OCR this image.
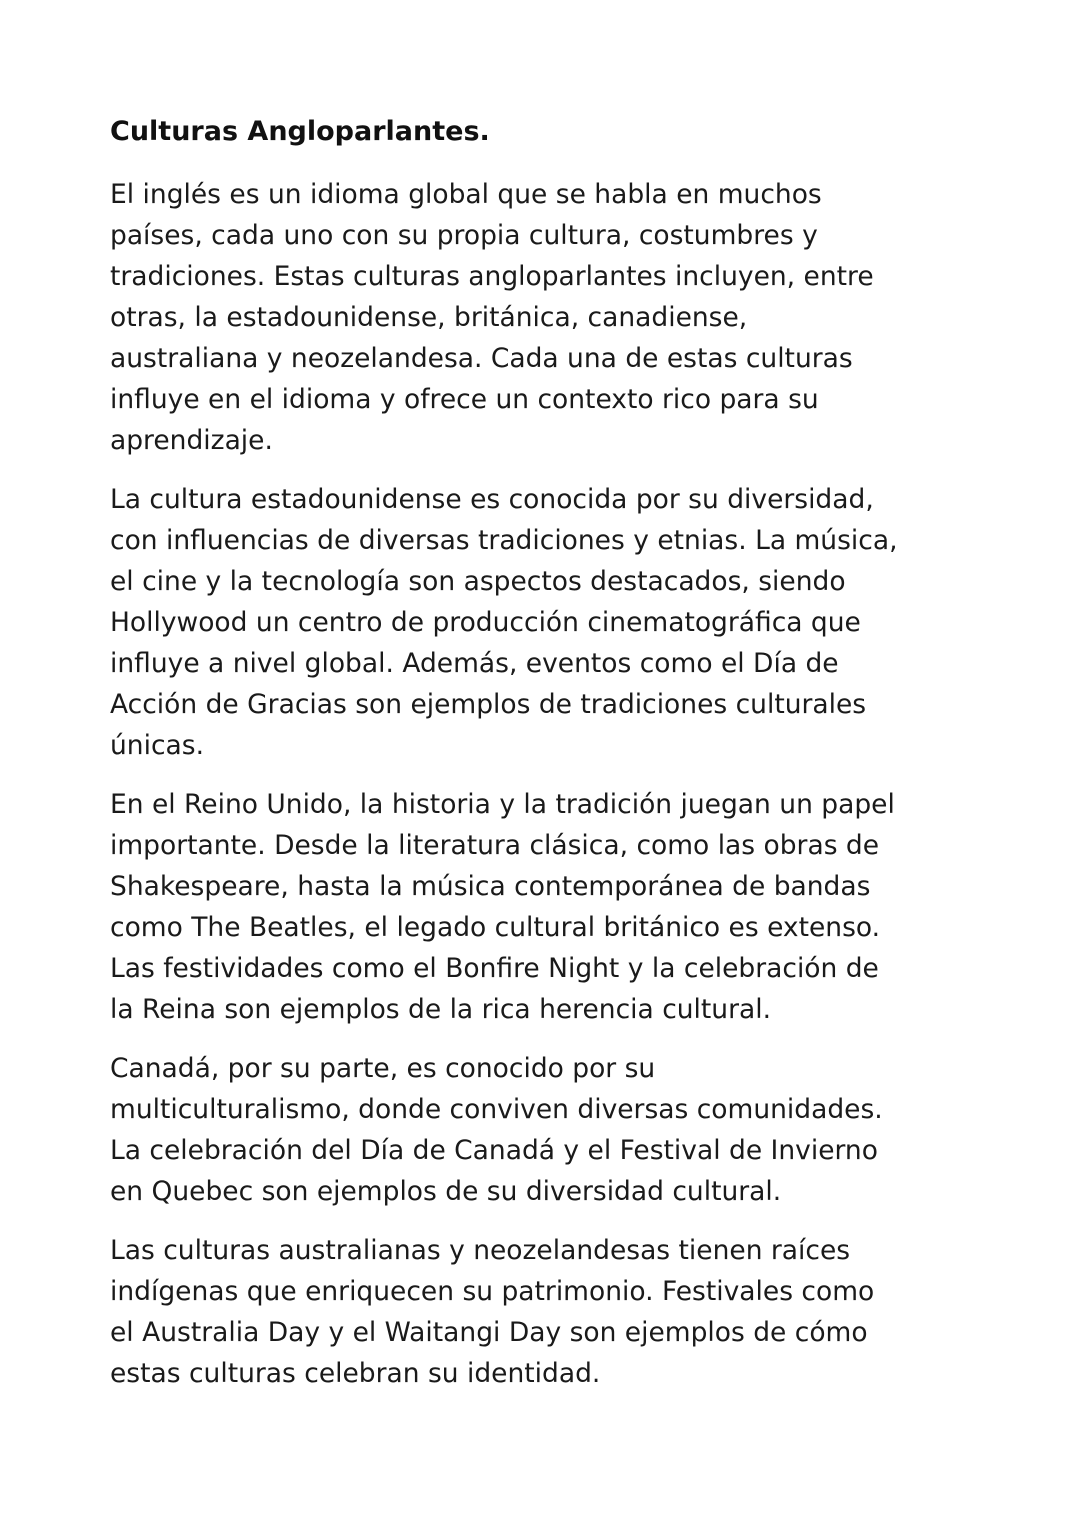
Culturas Angloparlantes.

El inglés es un idioma global que se habla en muchos
países, cada uno con su propia cultura, costumbres y
tradiciones. Estas culturas angloparlantes incluyen, entre
otras, la estadounidense, británica, canadiense,
australiana y neozelandesa. Cada una de estas culturas
influye en el idioma y ofrece un contexto rico para su
aprendizaje.

La cultura estadounidense es conocida por su diversidad,
con influencias de diversas tradiciones y etnias. La música,
el cine y la tecnología son aspectos destacados, siendo
Hollywood un centro de producción cinematográfica que
influye a nivel global. Además, eventos como el Día de
Acción de Gracias son ejemplos de tradiciones culturales
únicas.

En el Reino Unido, la historia y la tradición juegan un papel
importante. Desde la literatura clásica, como las obras de
Shakespeare, hasta la música contemporánea de bandas
como The Beatles, el legado cultural británico es extenso.
Las festividades como el Bonfire Night y la celebración de
la Reina son ejemplos de la rica herencia cultural.

Canadá, por su parte, es conocido por su
multiculturalismo, donde conviven diversas comunidades.
La celebración del Día de Canadá y el Festival de Invierno
en Quebec son ejemplos de su diversidad cultural.

Las culturas australianas y neozelandesas tienen raíces
indígenas que enriquecen su patrimonio. Festivales como
el Australia Day y el Waitangi Day son ejemplos de cómo
estas culturas celebran su identidad.
